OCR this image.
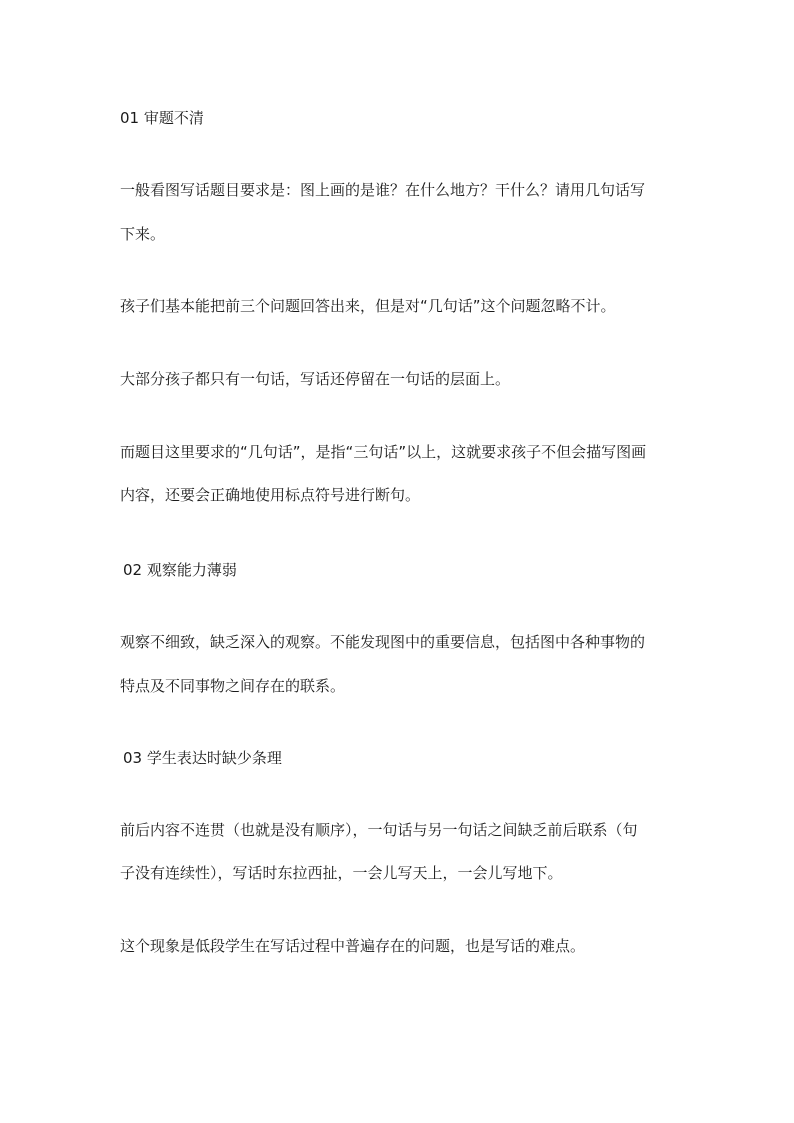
01 审题不清
一般看图写话题目要求是：图上画的是谁？在什么地方？干什么？请用几句话写
下来。
孩子们基本能把前三个问题回答出来，但是对“几句话”这个问题忽略不计。
大部分孩子都只有一句话，写话还停留在一句话的层面上。
而题目这里要求的“几句话”，是指“三句话”以上，这就要求孩子不但会描写图画
内容，还要会正确地使用标点符号进行断句。
02 观察能力薄弱
观察不细致，缺乏深入的观察。不能发现图中的重要信息，包括图中各种事物的
特点及不同事物之间存在的联系。
03 学生表达时缺少条理
前后内容不连贯（也就是没有顺序），一句话与另一句话之间缺乏前后联系（句
子没有连续性），写话时东拉西扯，一会儿写天上，一会儿写地下。
这个现象是低段学生在写话过程中普遍存在的问题，也是写话的难点。
